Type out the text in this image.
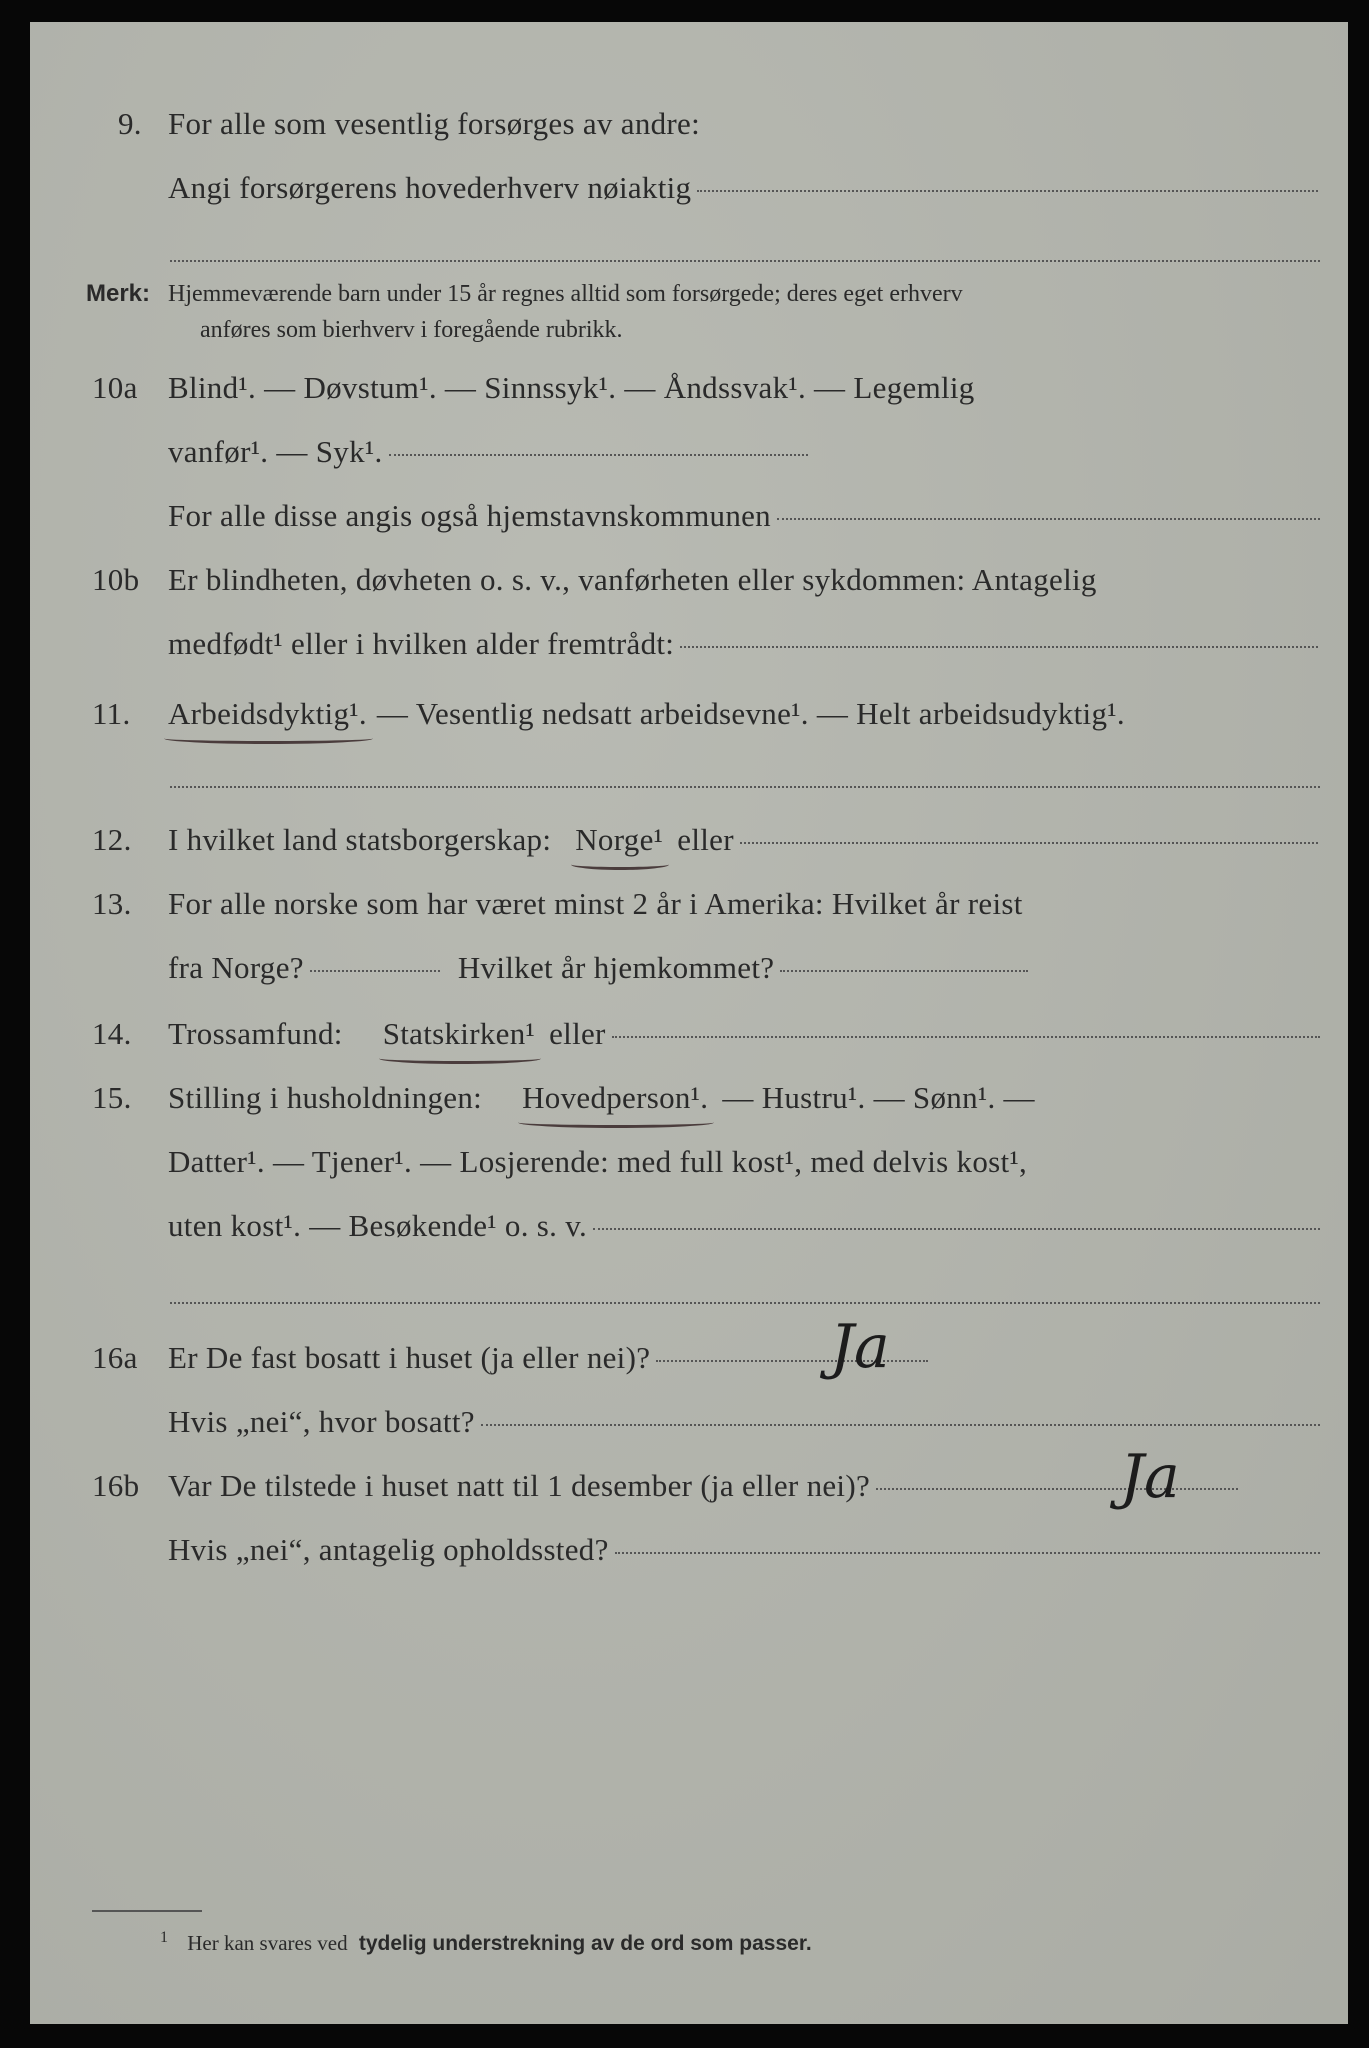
9. For alle som vesentlig forsørges av andre:
Angi forsørgerens hovederhverv nøiaktig
Merk: Hjemmeværende barn under 15 år regnes alltid som forsørgede; deres eget erhverv
anføres som bierhverv i foregående rubrikk.
10a Blind¹. — Døvstum¹. — Sinnssyk¹. — Åndssvak¹. — Legemlig
vanfør¹. — Syk¹.
For alle disse angis også hjemstavnskommunen
10b Er blindheten, døvheten o. s. v., vanførheten eller sykdommen: Antagelig
medfødt¹ eller i hvilken alder fremtrådt:
11. Arbeidsdyktig¹. — Vesentlig nedsatt arbeidsevne¹. — Helt arbeidsudyktig¹.
12. I hvilket land statsborgerskap: Norge¹ eller
13. For alle norske som har været minst 2 år i Amerika: Hvilket år reist
fra Norge?	Hvilket år hjemkommet?
14. Trossamfund: Statskirken¹ eller
15. Stilling i husholdningen: Hovedperson¹. — Hustru¹. — Sønn¹. —
Datter¹. — Tjener¹. — Losjerende: med full kost¹, med delvis kost¹,
uten kost¹. — Besøkende¹ o. s. v.
16a Er De fast bosatt i huset (ja eller nei)?	Ja
Hvis „nei“, hvor bosatt?
16b Var De tilstede i huset natt til 1 desember (ja eller nei)?	Ja
Hvis „nei“, antagelig opholdssted?
$^1$ Her kan svares ved tydelig understrekning av de ord som passer.
